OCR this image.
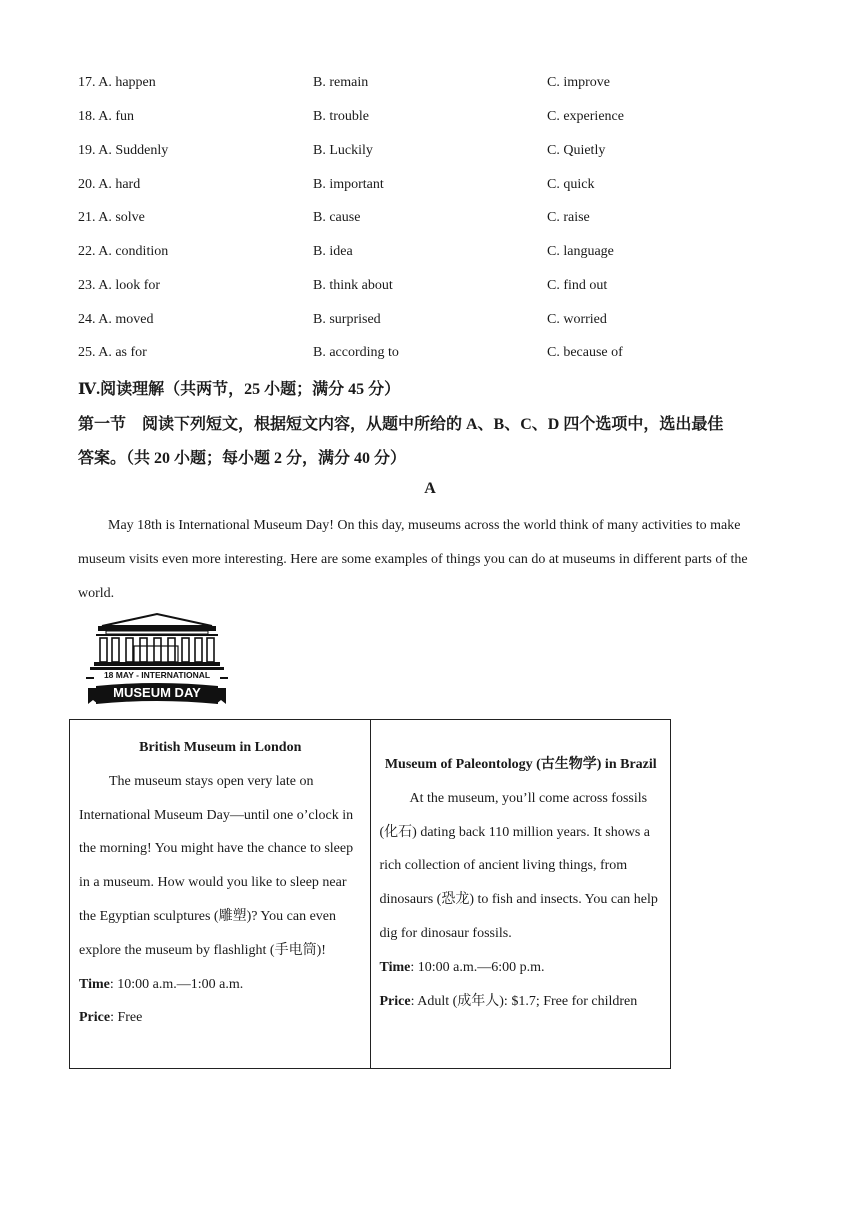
17. A. happen	B. remain	C. improve
18. A. fun	B. trouble	C. experience
19. A. Suddenly	B. Luckily	C. Quietly
20. A. hard	B. important	C. quick
21. A. solve	B. cause	C. raise
22. A. condition	B. idea	C. language
23. A. look for	B. think about	C. find out
24. A. moved	B. surprised	C. worried
25. A. as for	B. according to	C. because of
Ⅳ.阅读理解（共两节，25 小题；满分 45 分）
第一节　阅读下列短文，根据短文内容，从题中所给的 A、B、C、D 四个选项中，选出最佳
答案。（共 20 小题；每小题 2 分，满分 40 分）
A
May 18th is International Museum Day! On this day, museums across the world think of many activities to make museum visits even more interesting. Here are some examples of things you can do at museums in different parts of the world.
18 MAY - INTERNATIONAL
MUSEUM DAY
British Museum in London
The museum stays open very late on International Museum Day—until one o’clock in the morning! You might have the chance to sleep in a museum. How would you like to sleep near the Egyptian sculptures (雕塑)? You can even explore the museum by flashlight (手电筒)!
Time: 10:00 a.m.—1:00 a.m.
Price: Free

Museum of Paleontology (古生物学) in Brazil
At the museum, you’ll come across fossils (化石) dating back 110 million years. It shows a rich collection of ancient living things, from dinosaurs (恐龙) to fish and insects. You can help dig for dinosaur fossils.
Time: 10:00 a.m.—6:00 p.m.
Price: Adult (成年人): $1.7; Free for children
